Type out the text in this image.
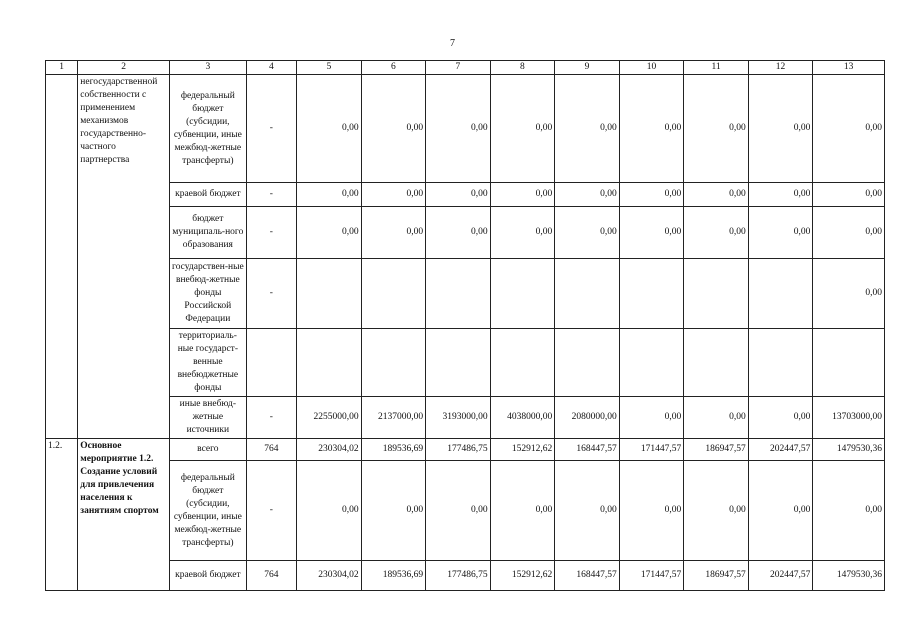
7
1	2	3	4	5	6	7	8	9	10	11	12	13
	негосударственной собственности с применением механизмов государственно-частного партнерства	федеральный бюджет (субсидии, субвенции, иные межбюд-жетные трансферты)	-	0,00	0,00	0,00	0,00	0,00	0,00	0,00	0,00	0,00
		краевой бюджет	-	0,00	0,00	0,00	0,00	0,00	0,00	0,00	0,00	0,00
		бюджет муниципаль-ного образования	-	0,00	0,00	0,00	0,00	0,00	0,00	0,00	0,00	0,00
		государствен-ные внебюд-жетные фонды Российской Федерации	-									0,00
		территориаль-ные государст-венные внебюджетные фонды										
		иные внебюд-жетные источники	-	2255000,00	2137000,00	3193000,00	4038000,00	2080000,00	0,00	0,00	0,00	13703000,00
1.2.	Основное мероприятие 1.2. Создание условий для привлечения населения к занятиям спортом	всего	764	230304,02	189536,69	177486,75	152912,62	168447,57	171447,57	186947,57	202447,57	1479530,36
		федеральный бюджет (субсидии, субвенции, иные межбюд-жетные трансферты)	-	0,00	0,00	0,00	0,00	0,00	0,00	0,00	0,00	0,00
		краевой бюджет	764	230304,02	189536,69	177486,75	152912,62	168447,57	171447,57	186947,57	202447,57	1479530,36
